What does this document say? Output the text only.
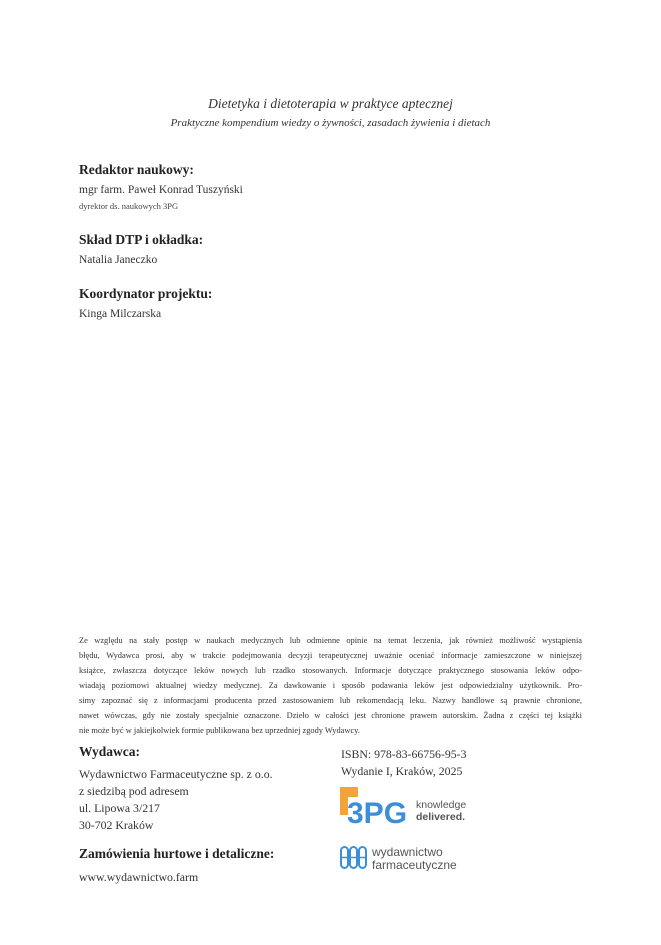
Dietetyka i dietoterapia w praktyce aptecznej
Praktyczne kompendium wiedzy o żywności, zasadach żywienia i dietach
Redaktor naukowy:
mgr farm. Paweł Konrad Tuszyński
dyrektor ds. naukowych 3PG
Skład DTP i okładka:
Natalia Janeczko
Koordynator projektu:
Kinga Milczarska
Ze względu na stały postęp w naukach medycznych lub odmienne opinie na temat leczenia, jak również możliwość wystąpienia
błędu, Wydawca prosi, aby w trakcie podejmowania decyzji terapeutycznej uważnie oceniać informacje zamieszczone w niniejszej
książce, zwłaszcza dotyczące leków nowych lub rzadko stosowanych. Informacje dotyczące praktycznego stosowania leków odpo-
wiadają poziomowi aktualnej wiedzy medycznej. Za dawkowanie i sposób podawania leków jest odpowiedzialny użytkownik. Pro-
simy zapoznać się z informacjami producenta przed zastosowaniem lub rekomendacją leku. Nazwy handlowe są prawnie chronione,
nawet wówczas, gdy nie zostały specjalnie oznaczone. Dzieło w całości jest chronione prawem autorskim. Żadna z części tej książki
nie może być w jakiejkolwiek formie publikowana bez uprzedniej zgody Wydawcy.
Wydawca:
Wydawnictwo Farmaceutyczne sp. z o.o.
z siedzibą pod adresem
ul. Lipowa 3/217
30-702 Kraków
Zamówienia hurtowe i detaliczne:
www.wydawnictwo.farm
ISBN: 978-83-66756-95-3
Wydanie I, Kraków, 2025
3PG knowledge
delivered.
wydawnictwo
farmaceutyczne
